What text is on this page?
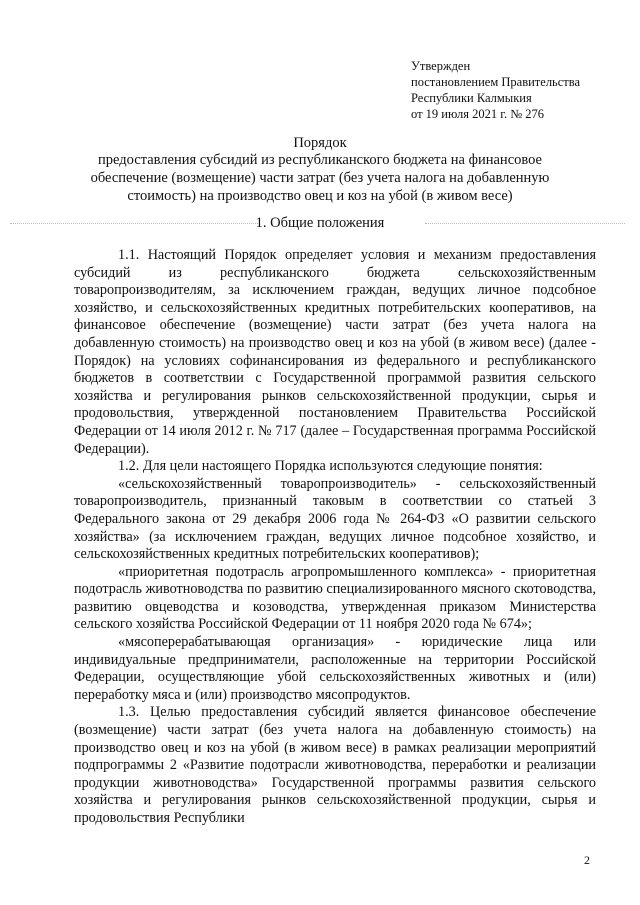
Утвержден
постановлением Правительства
Республики Калмыкия
от 19 июля 2021 г. № 276
Порядок
предоставления субсидий из республиканского бюджета на финансовое обеспечение (возмещение) части затрат (без учета налога на добавленную стоимость) на производство овец и коз на убой (в живом весе)
1. Общие положения

1.1. Настоящий Порядок определяет условия и механизм предоставления субсидий из республиканского бюджета сельскохозяйственным товаропроизводителям, за исключением граждан, ведущих личное подсобное хозяйство, и сельскохозяйственных кредитных потребительских кооперативов, на финансовое обеспечение (возмещение) части затрат (без учета налога на добавленную стоимость) на производство овец и коз на убой (в живом весе) (далее - Порядок) на условиях софинансирования из федерального и республиканского бюджетов в соответствии с Государственной программой развития сельского хозяйства и регулирования рынков сельскохозяйственной продукции, сырья и продовольствия, утвержденной постановлением Правительства Российской Федерации от 14 июля 2012 г. № 717 (далее – Государственная программа Российской Федерации).

1.2. Для цели настоящего Порядка используются следующие понятия:

«сельскохозяйственный товаропроизводитель» - сельскохозяйственный товаропроизводитель, признанный таковым в соответствии со статьей 3 Федерального закона от 29 декабря 2006 года № 264-ФЗ «О развитии сельского хозяйства» (за исключением граждан, ведущих личное подсобное хозяйство, и сельскохозяйственных кредитных потребительских кооперативов);

«приоритетная подотрасль агропромышленного комплекса» - приоритетная подотрасль животноводства по развитию специализированного мясного скотоводства, развитию овцеводства и козоводства, утвержденная приказом Министерства сельского хозяйства Российской Федерации от 11 ноября 2020 года № 674»;

«мясоперерабатывающая организация» - юридические лица или индивидуальные предприниматели, расположенные на территории Российской Федерации, осуществляющие убой сельскохозяйственных животных и (или) переработку мяса и (или) производство мясопродуктов.

1.3. Целью предоставления субсидий является финансовое обеспечение (возмещение) части затрат (без учета налога на добавленную стоимость) на производство овец и коз на убой (в живом весе) в рамках реализации мероприятий подпрограммы 2 «Развитие подотрасли животноводства, переработки и реализации продукции животноводства» Государственной программы развития сельского хозяйства и регулирования рынков сельскохозяйственной продукции, сырья и продовольствия Республики

2
